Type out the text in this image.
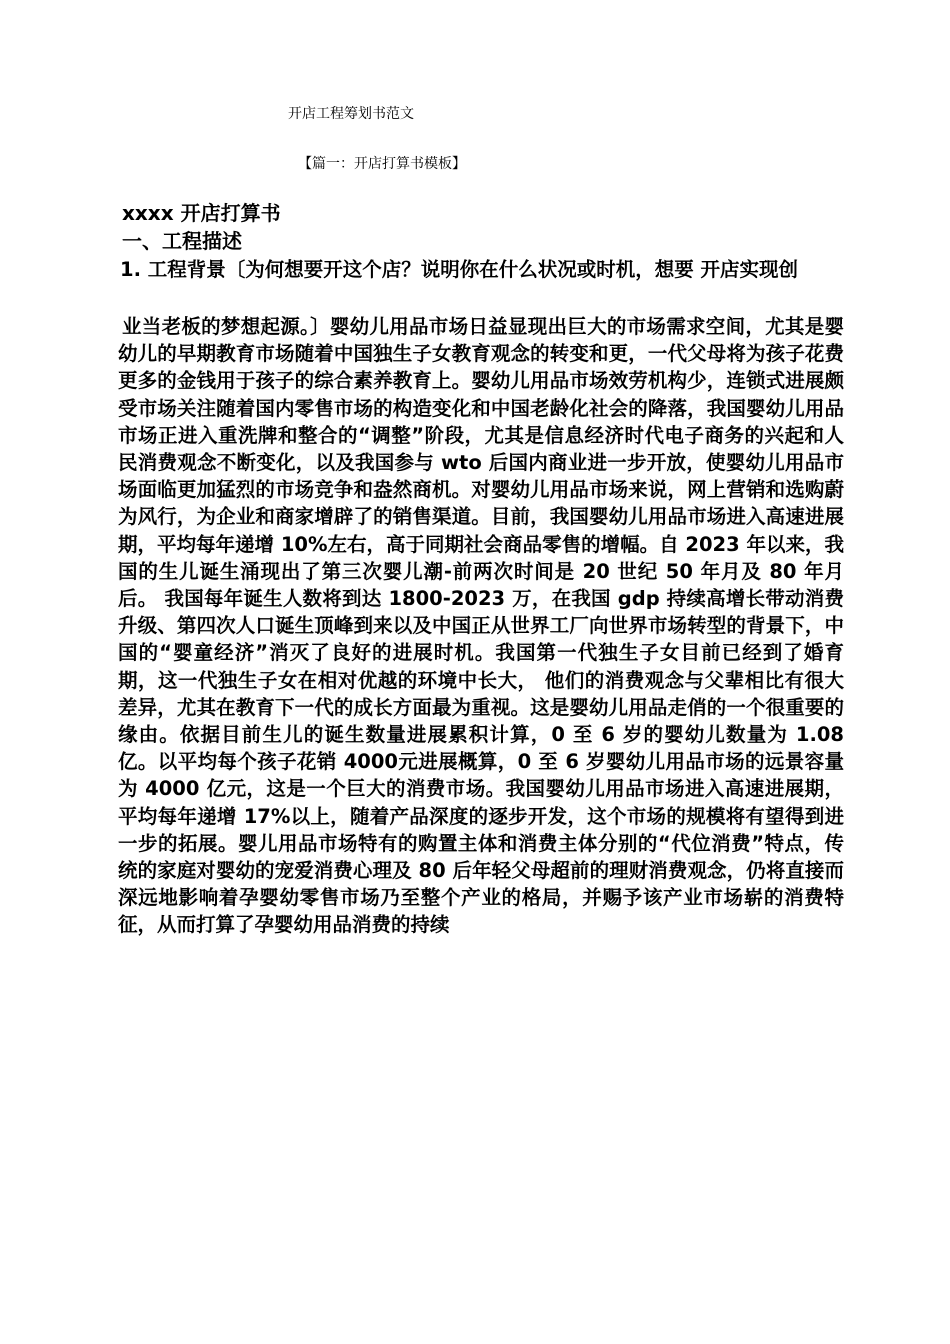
开店工程筹划书范文
【篇一：开店打算书模板】
xxxx 开店打算书
一、工程描述
1. 工程背景〔为何想要开这个店？说明你在什么状况或时机，想要 开店实现创
业当老板的梦想起源。〕婴幼儿用品市场日益显现出巨大的市场需求空间，尤其是婴幼儿的早期教育市场随着中国独生子女教育观念的转变和更，一代父母将为孩子花费更多的金钱用于孩子的综合素养教育上。婴幼儿用品市场效劳机构少，连锁式进展颇受市场关注随着国内零售市场的构造变化和中国老龄化社会的降落，我国婴幼儿用品市场正进入重洗牌和整合的“调整”阶段，尤其是信息经济时代电子商务的兴起和人民消费观念不断变化，以及我国参与 wto 后国内商业进一步开放，使婴幼儿用品市场面临更加猛烈的市场竞争和盎然商机。对婴幼儿用品市场来说，网上营销和选购蔚为风行，为企业和商家增辟了的销售渠道。目前，我国婴幼儿用品市场进入高速进展期，平均每年递增 10%左右，高于同期社会商品零售的增幅。自 2023 年以来，我国的生儿诞生涌现出了第三次婴儿潮-前两次时间是 20 世纪 50 年月及 80 年月后。 我国每年诞生人数将到达 1800-2023 万，在我国 gdp 持续高增长带动消费升级、第四次人口诞生顶峰到来以及中国正从世界工厂向世界市场转型的背景下，中国的“婴童经济”消灭了良好的进展时机。我国第一代独生子女目前已经到了婚育期，这一代独生子女在相对优越的环境中长大， 他们的消费观念与父辈相比有很大差异，尤其在教育下一代的成长方面最为重视。这是婴幼儿用品走俏的一个很重要的缘由。依据目前生儿的诞生数量进展累积计算，0 至 6 岁的婴幼儿数量为 1.08 亿。以平均每个孩子花销 4000元进展概算，0 至 6 岁婴幼儿用品市场的远景容量为 4000 亿元，这是一个巨大的消费市场。我国婴幼儿用品市场进入高速进展期，平均每年递增 17%以上，随着产品深度的逐步开发，这个市场的规模将有望得到进一步的拓展。婴儿用品市场特有的购置主体和消费主体分别的“代位消费”特点，传统的家庭对婴幼的宠爱消费心理及 80 后年轻父母超前的理财消费观念，仍将直接而深远地影响着孕婴幼零售市场乃至整个产业的格局，并赐予该产业市场崭的消费特征，从而打算了孕婴幼用品消费的持续
